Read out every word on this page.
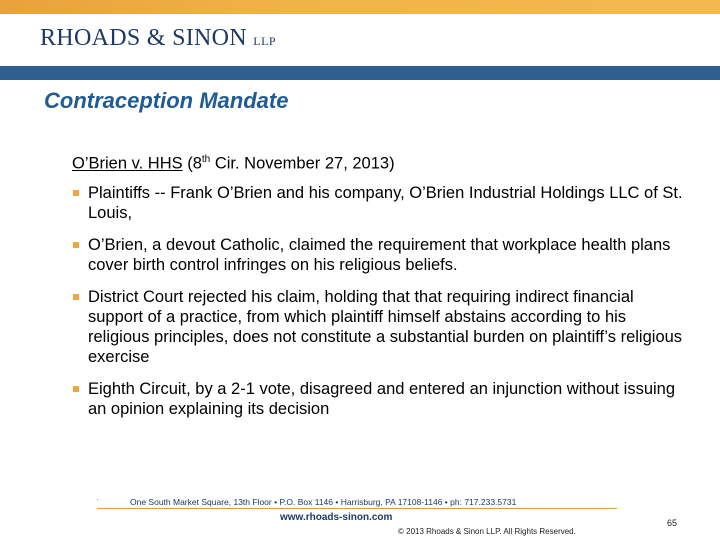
RHOADS & SINON LLP
Contraception Mandate
O’Brien v. HHS (8th Cir. November 27, 2013)
Plaintiffs -- Frank O’Brien and his company, O’Brien Industrial Holdings LLC of St. Louis,
O’Brien, a devout Catholic, claimed the requirement that workplace health plans cover birth control infringes on his religious beliefs.
District Court rejected his claim, holding that that requiring indirect financial support of a practice, from which plaintiff himself abstains according to his religious principles, does not constitute a substantial burden on plaintiff’s religious exercise
Eighth Circuit, by a 2-1 vote, disagreed and entered an injunction without issuing an opinion explaining its decision
·	One South Market Square, 13th Floor • P.O. Box 1146 • Harrisburg, PA 17108-1146 • ph: 717.233.5731
www.rhoads-sinon.com
© 2013 Rhoads & Sinon LLP. All Rights Reserved.
65
